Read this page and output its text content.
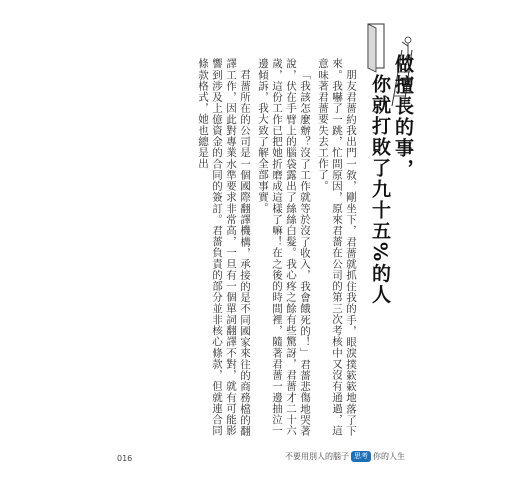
做擅長的事，
你就打敗了九十五%的人

朋友君薔約我出門一敘，剛坐下，君薔就抓住我的手，眼淚撲簌簌地落了下來。我嚇了一跳，忙問原因，原來君薔在公司的第三次考核中又沒有通過，這意味著君薔要失去工作了。

「我該怎麼辦？沒了工作就等於沒了收入，我會餓死的！」君薔悲傷地哭著說，伏在手臂上的腦袋露出了絲絲白髮。我心疼之餘有些驚訝，君薔才二十六歲，這份工作已把她折磨成這樣了嘛！在之後的時間裡，隨著君薔一邊抽泣一邊傾訴，我大致了解全部事實。

君薔所在的公司是一個國際翻譯機構，承接的是不同國家來往的商務檔的翻譯工作，因此對專業水準要求非常高，一旦有一個單詞翻譯不對，就有可能影響到涉及上億資金的合同的簽訂。君薔負責的部分並非核心條款，但就連合同條款格式，她也總是出

016	不要用別人的腦子 思考 你的人生
